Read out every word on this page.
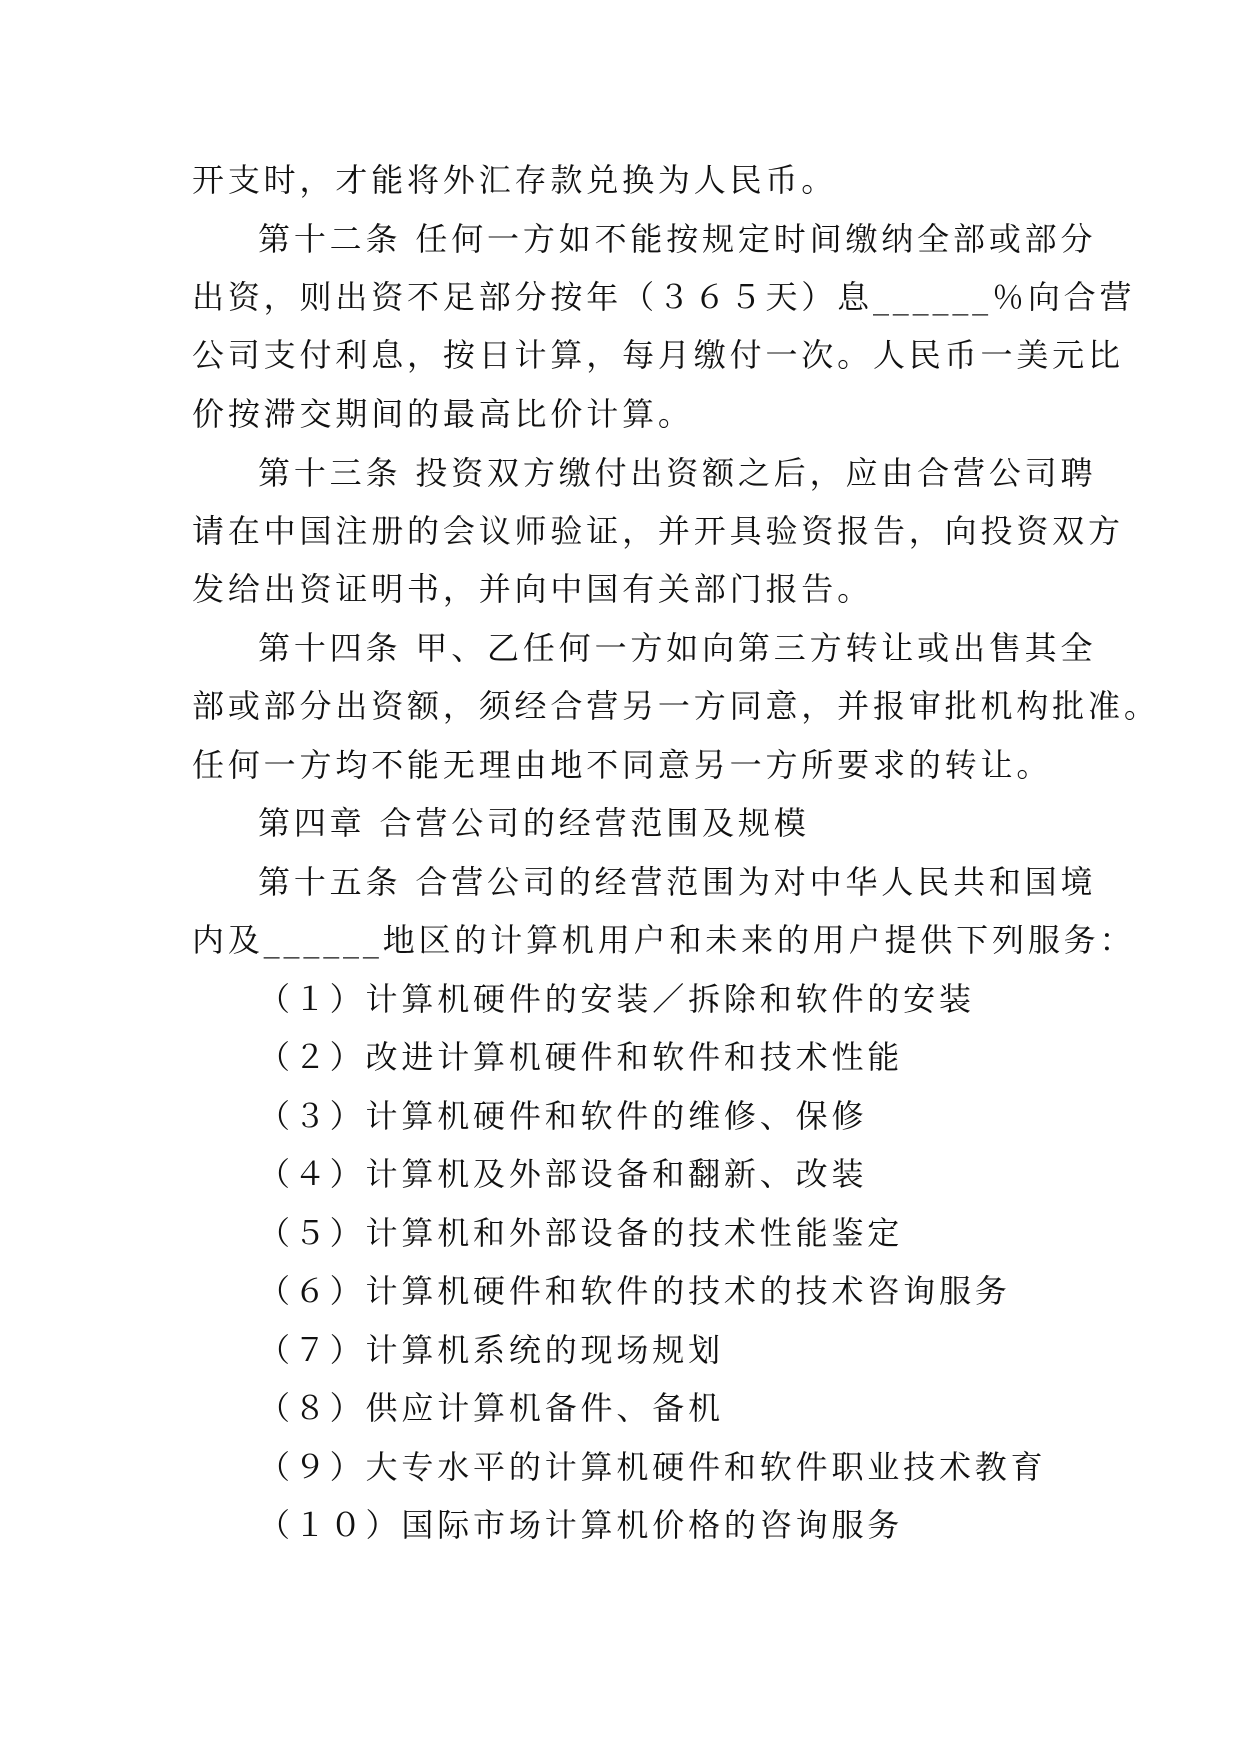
开支时，才能将外汇存款兑换为人民币。
第十二条 任何一方如不能按规定时间缴纳全部或部分
出资，则出资不足部分按年（３６５天）息______％向合营
公司支付利息，按日计算，每月缴付一次。人民币一美元比
价按滞交期间的最高比价计算。
第十三条 投资双方缴付出资额之后，应由合营公司聘
请在中国注册的会议师验证，并开具验资报告，向投资双方
发给出资证明书，并向中国有关部门报告。
第十四条 甲、乙任何一方如向第三方转让或出售其全
部或部分出资额，须经合营另一方同意，并报审批机构批准。
任何一方均不能无理由地不同意另一方所要求的转让。
第四章 合营公司的经营范围及规模
第十五条 合营公司的经营范围为对中华人民共和国境
内及______地区的计算机用户和未来的用户提供下列服务：
（１）计算机硬件的安装／拆除和软件的安装
（２）改进计算机硬件和软件和技术性能
（３）计算机硬件和软件的维修、保修
（４）计算机及外部设备和翻新、改装
（５）计算机和外部设备的技术性能鉴定
（６）计算机硬件和软件的技术的技术咨询服务
（７）计算机系统的现场规划
（８）供应计算机备件、备机
（９）大专水平的计算机硬件和软件职业技术教育
（１０）国际市场计算机价格的咨询服务
